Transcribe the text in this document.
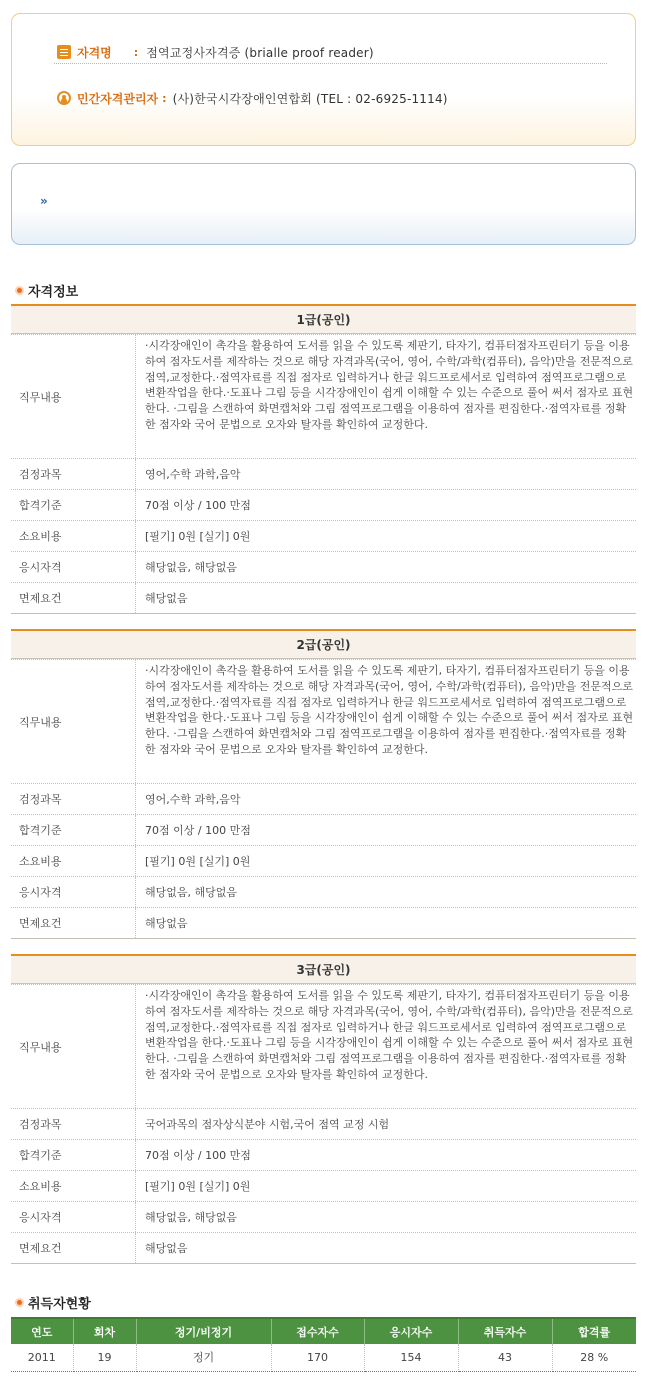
자격명 : 점역교정사자격증 (brialle proof reader)
민간자격관리자 : (사)한국시각장애인연합회 (TEL : 02-6925-1114)
»
자격정보
1급(공인)
직무내용
·시각장애인이 촉각을 활용하여 도서를 읽을 수 있도록 제판기, 타자기, 컴퓨터점자프린터기 등을 이용하여 점자도서를 제작하는 것으로 해당 자격과목(국어, 영어, 수학/과학(컴퓨터), 음악)만을 전문적으로 점역,교정한다.·점역자료를 직접 점자로 입력하거나 한글 워드프로세서로 입력하여 점역프로그램으로 변환작업을 한다.·도표나 그림 등을 시각장애인이 쉽게 이해할 수 있는 수준으로 풀어 써서 점자로 표현한다. ·그림을 스캔하여 화면캡처와 그림 점역프로그램을 이용하여 점자를 편집한다.·점역자료를 정확한 점자와 국어 문법으로 오자와 탈자를 확인하여 교정한다.
검정과목	영어,수학 과학,음악
합격기준	70점 이상 / 100 만점
소요비용	[필기] 0원 [실기] 0원
응시자격	해당없음, 해당없음
면제요건	해당없음
2급(공인)
직무내용
·시각장애인이 촉각을 활용하여 도서를 읽을 수 있도록 제판기, 타자기, 컴퓨터점자프린터기 등을 이용하여 점자도서를 제작하는 것으로 해당 자격과목(국어, 영어, 수학/과학(컴퓨터), 음악)만을 전문적으로 점역,교정한다.·점역자료를 직접 점자로 입력하거나 한글 워드프로세서로 입력하여 점역프로그램으로 변환작업을 한다.·도표나 그림 등을 시각장애인이 쉽게 이해할 수 있는 수준으로 풀어 써서 점자로 표현한다. ·그림을 스캔하여 화면캡처와 그림 점역프로그램을 이용하여 점자를 편집한다.·점역자료를 정확한 점자와 국어 문법으로 오자와 탈자를 확인하여 교정한다.
검정과목	영어,수학 과학,음악
합격기준	70점 이상 / 100 만점
소요비용	[필기] 0원 [실기] 0원
응시자격	해당없음, 해당없음
면제요건	해당없음
3급(공인)
직무내용
·시각장애인이 촉각을 활용하여 도서를 읽을 수 있도록 제판기, 타자기, 컴퓨터점자프린터기 등을 이용하여 점자도서를 제작하는 것으로 해당 자격과목(국어, 영어, 수학/과학(컴퓨터), 음악)만을 전문적으로 점역,교정한다.·점역자료를 직접 점자로 입력하거나 한글 워드프로세서로 입력하여 점역프로그램으로 변환작업을 한다.·도표나 그림 등을 시각장애인이 쉽게 이해할 수 있는 수준으로 풀어 써서 점자로 표현한다. ·그림을 스캔하여 화면캡처와 그림 점역프로그램을 이용하여 점자를 편집한다.·점역자료를 정확한 점자와 국어 문법으로 오자와 탈자를 확인하여 교정한다.
검정과목	국어과목의 점자상식분야 시험,국어 점역 교정 시험
합격기준	70점 이상 / 100 만점
소요비용	[필기] 0원 [실기] 0원
응시자격	해당없음, 해당없음
면제요건	해당없음
취득자현황
연도	회차	정기/비정기	접수자수	응시자수	취득자수	합격률
2011	19	정기	170	154	43	28 %
